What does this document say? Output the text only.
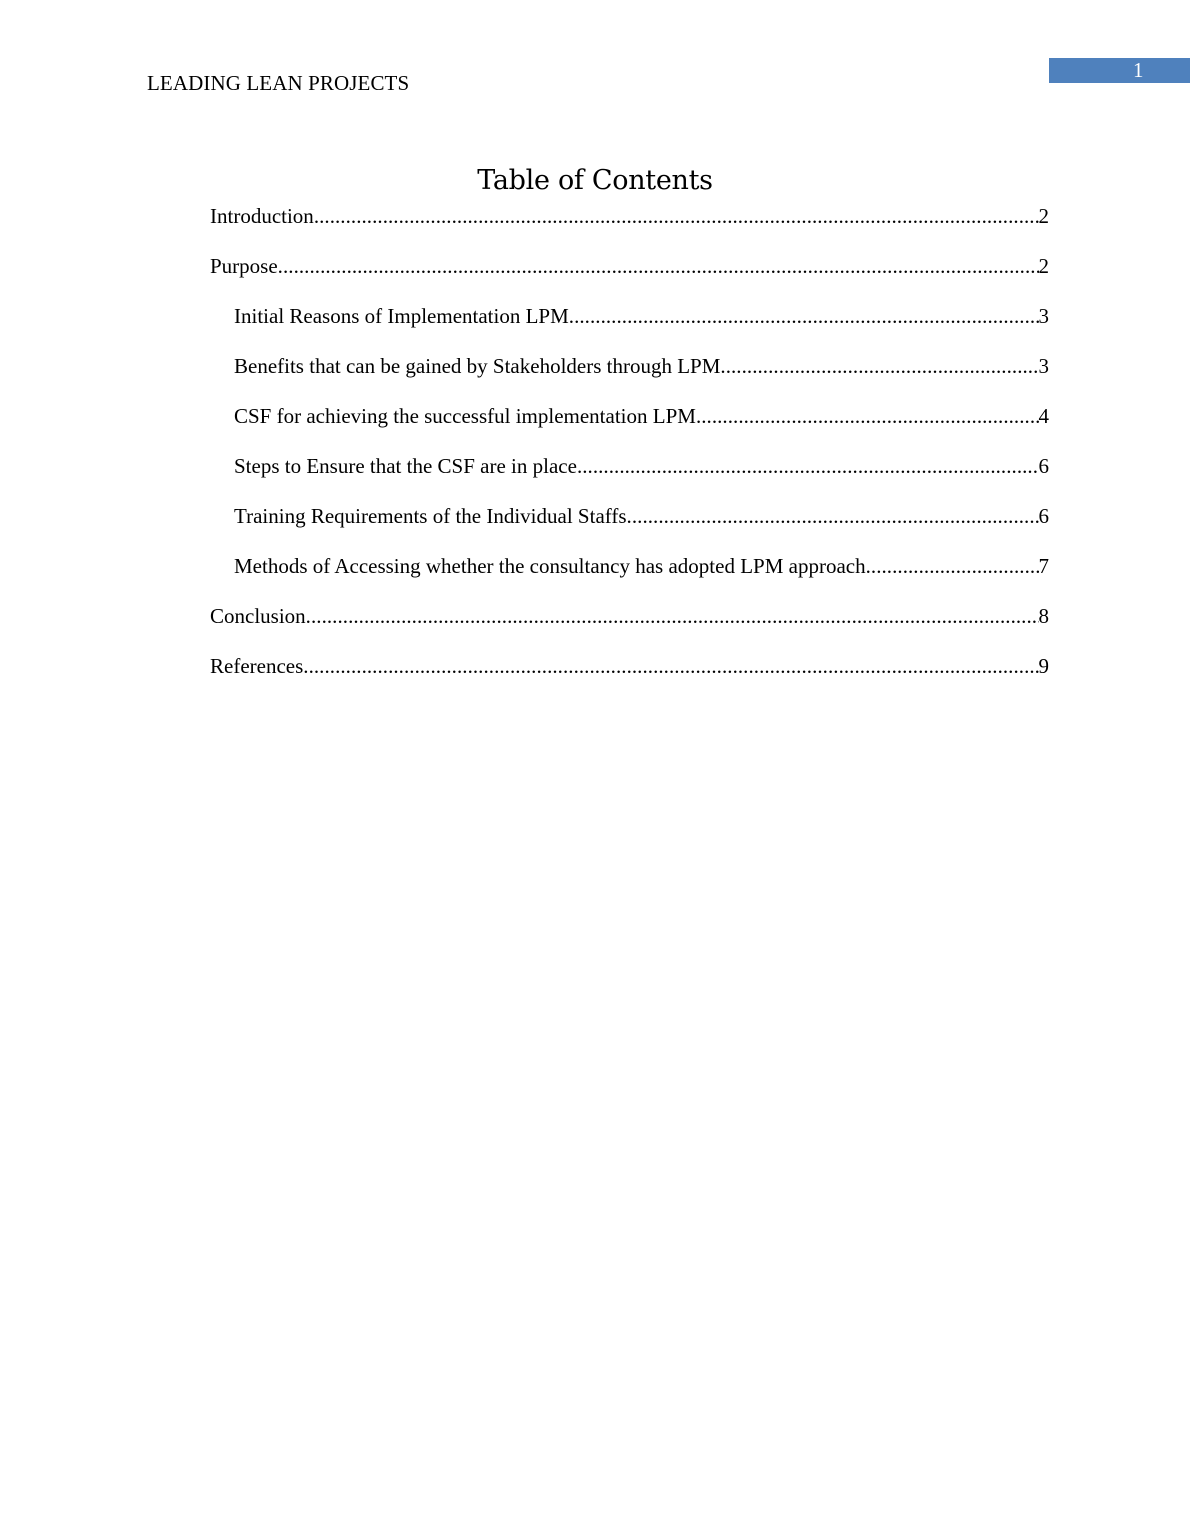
1
LEADING LEAN PROJECTS
Table of Contents
Introduction .....	2
Purpose .....	2
Initial Reasons of Implementation LPM .....	3
Benefits that can be gained by Stakeholders through LPM .....	3
CSF for achieving the successful implementation LPM .....	4
Steps to Ensure that the CSF are in place .....	6
Training Requirements of the Individual Staffs .....	6
Methods of Accessing whether the consultancy has adopted LPM approach .....	7
Conclusion .....	8
References .....	9
